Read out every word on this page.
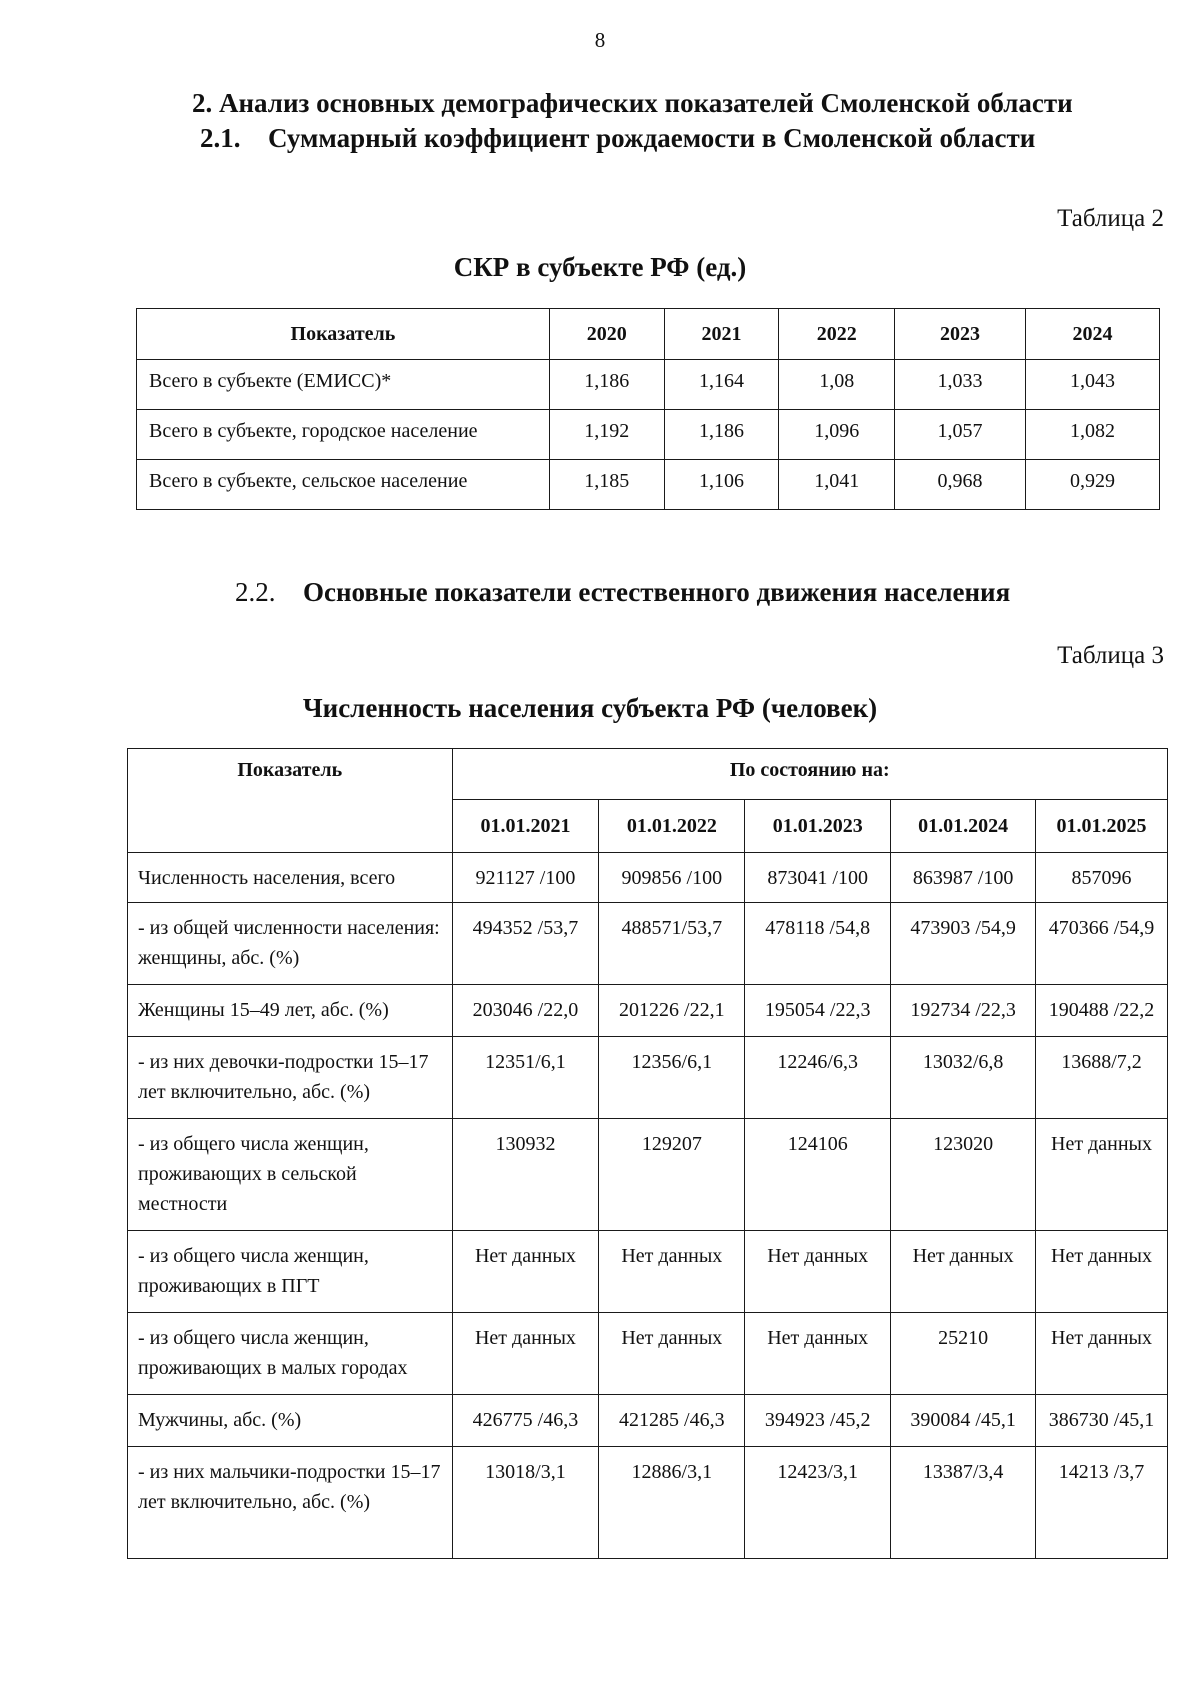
8
2. Анализ основных демографических показателей Смоленской области
2.1. Суммарный коэффициент рождаемости в Смоленской области
Таблица 2
СКР в субъекте РФ (ед.)
Показатель	2020	2021	2022	2023	2024
Всего в субъекте (ЕМИСС)*	1,186	1,164	1,08	1,033	1,043
Всего в субъекте, городское население	1,192	1,186	1,096	1,057	1,082
Всего в субъекте, сельское население	1,185	1,106	1,041	0,968	0,929
2.2. Основные показатели естественного движения населения
Таблица 3
Численность населения субъекта РФ (человек)
Показатель	По состоянию на:				
	01.01.2021	01.01.2022	01.01.2023	01.01.2024	01.01.2025
Численность населения, всего	921127 /100	909856 /100	873041 /100	863987 /100	857096
- из общей численности населения: женщины, абс. (%)	494352 /53,7	488571/53,7	478118 /54,8	473903 /54,9	470366 /54,9
Женщины 15–49 лет, абс. (%)	203046 /22,0	201226 /22,1	195054 /22,3	192734 /22,3	190488 /22,2
- из них девочки-подростки 15–17 лет включительно, абс. (%)	12351/6,1	12356/6,1	12246/6,3	13032/6,8	13688/7,2
- из общего числа женщин, проживающих в сельской местности	130932	129207	124106	123020	Нет данных
- из общего числа женщин, проживающих в ПГТ	Нет данных	Нет данных	Нет данных	Нет данных	Нет данных
- из общего числа женщин, проживающих в малых городах	Нет данных	Нет данных	Нет данных	25210	Нет данных
Мужчины, абс. (%)	426775 /46,3	421285 /46,3	394923 /45,2	390084 /45,1	386730 /45,1
- из них мальчики-подростки 15–17 лет включительно, абс. (%)	13018/3,1	12886/3,1	12423/3,1	13387/3,4	14213 /3,7
